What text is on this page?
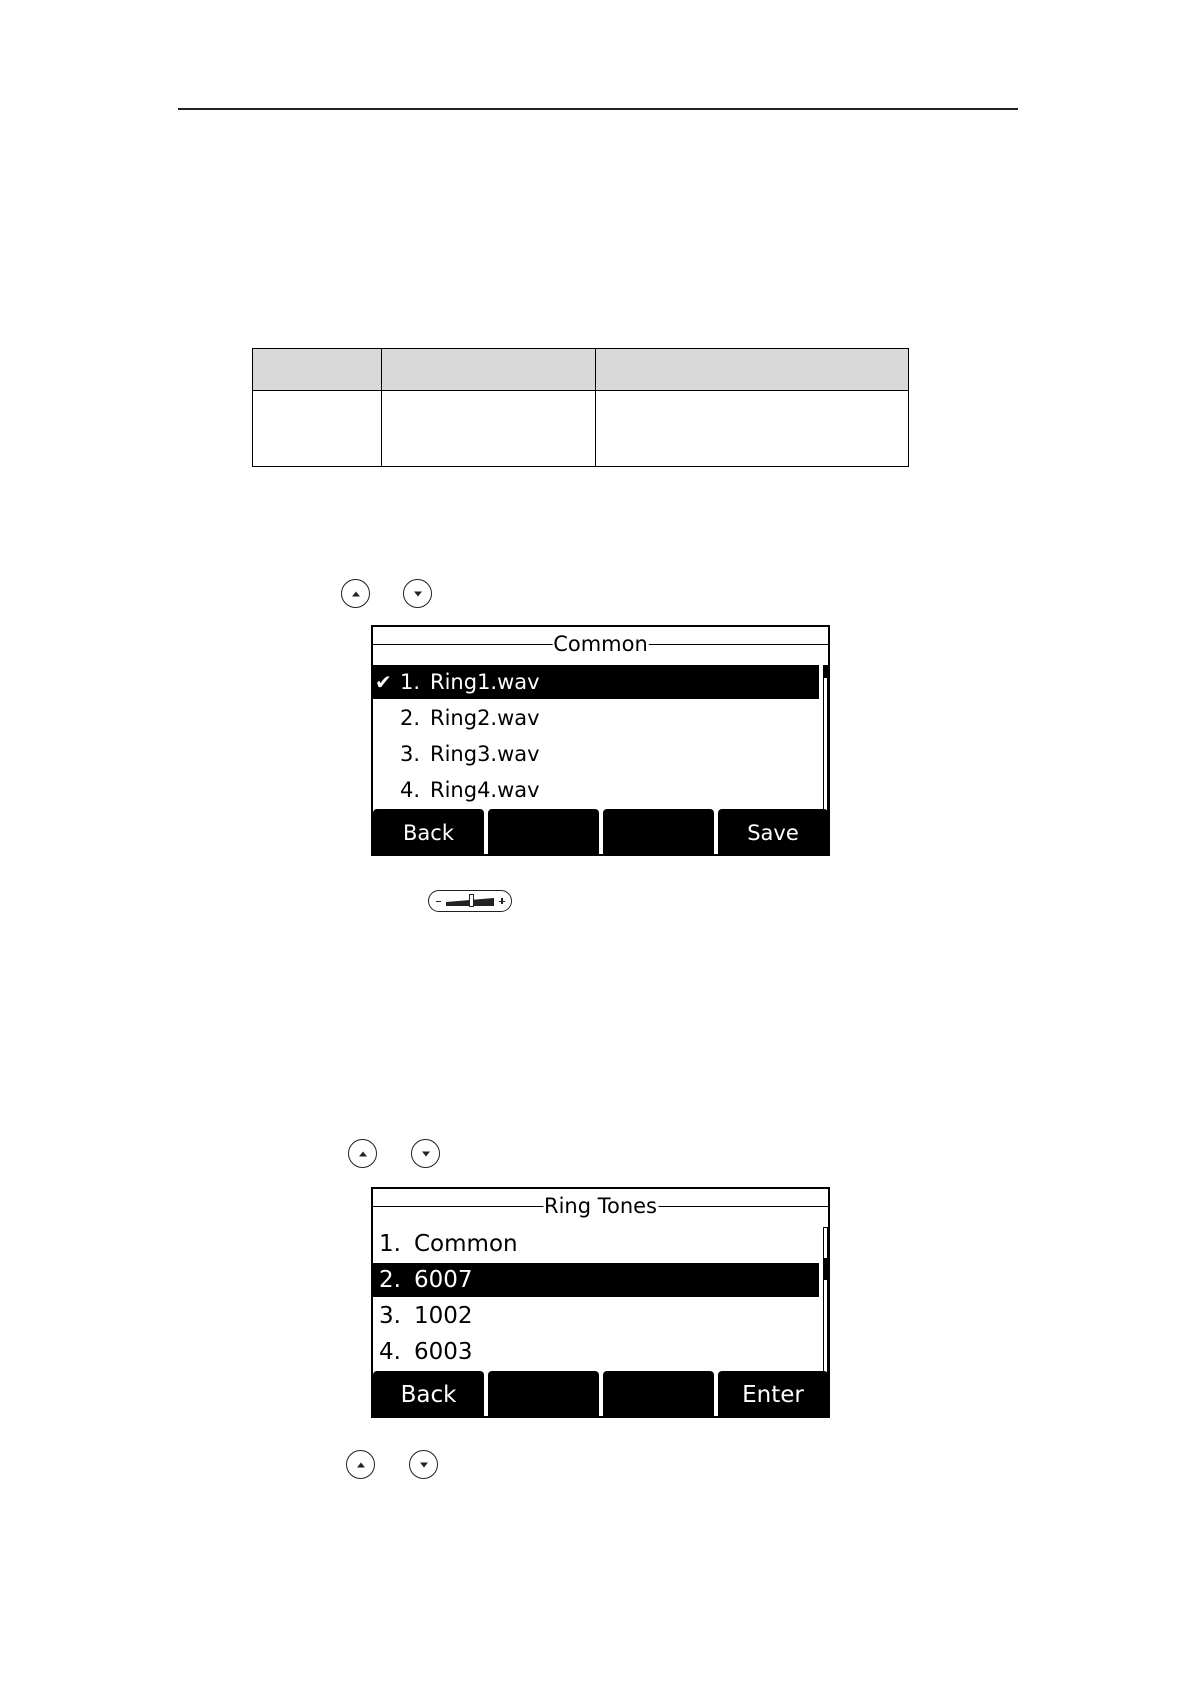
Common
✔ 1. Ring1.wav
2. Ring2.wav
3. Ring3.wav
4. Ring4.wav
Back	Save
Ring Tones
1. Common
2. 6007
3. 1002
4. 6003
Back	Enter
